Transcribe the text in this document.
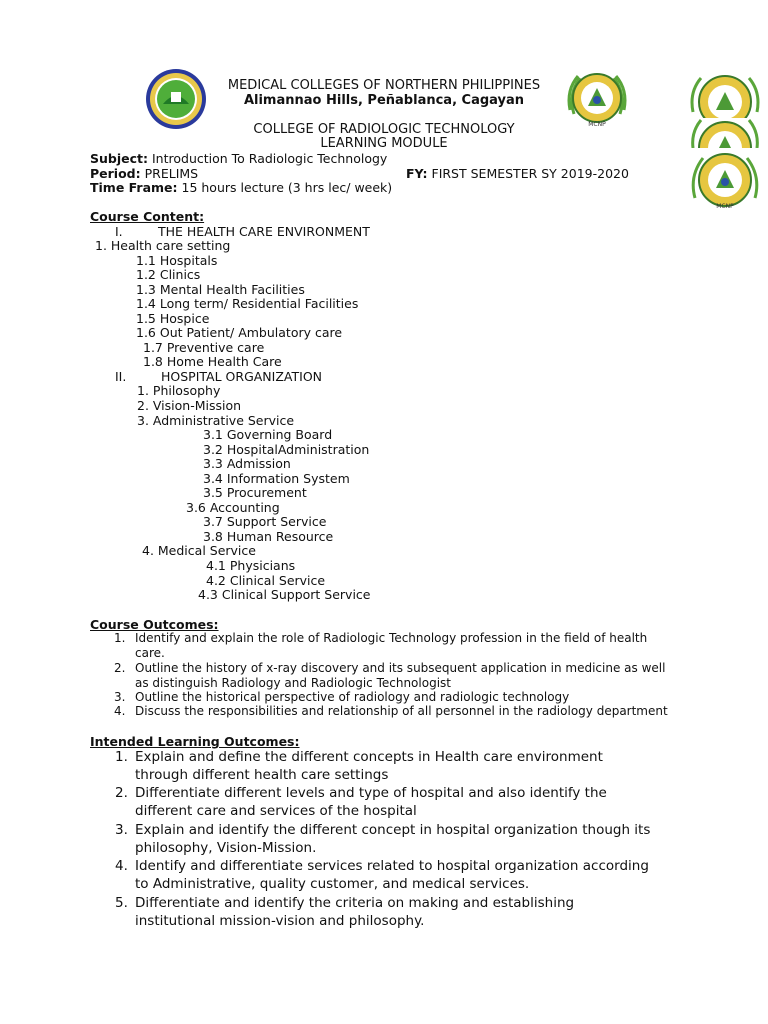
MCNP
MCNP
MEDICAL COLLEGES OF NORTHERN PHILIPPINES
Alimannao Hills, Peñablanca, Cagayan
COLLEGE OF RADIOLOGIC TECHNOLOGY
LEARNING MODULE
Subject: Introduction To Radiologic Technology
Period: PRELIMS	FY: FIRST SEMESTER SY 2019-2020
Time Frame: 15 hours lecture (3 hrs lec/ week)
Course Content:
I.	THE HEALTH CARE ENVIRONMENT
1. Health care setting
1.1 Hospitals
1.2 Clinics
1.3 Mental Health Facilities
1.4 Long term/ Residential Facilities
1.5 Hospice
1.6 Out Patient/ Ambulatory care
1.7 Preventive care
1.8 Home Health Care
II.	HOSPITAL ORGANIZATION
1. Philosophy
2. Vision-Mission
3. Administrative Service
3.1 Governing Board
3.2 HospitalAdministration
3.3 Admission
3.4 Information System
3.5 Procurement
3.6 Accounting
3.7 Support Service
3.8 Human Resource
4. Medical Service
4.1 Physicians
4.2 Clinical Service
4.3 Clinical Support Service
Course Outcomes:
1. Identify and explain the role of Radiologic Technology profession in the field of health care.
2. Outline the history of x-ray discovery and its subsequent application in medicine as well as distinguish Radiology and Radiologic Technologist
3. Outline the historical perspective of radiology and radiologic technology
4. Discuss the responsibilities and relationship of all personnel in the radiology department
Intended Learning Outcomes:
1. Explain and define the different concepts in Health care environment through different health care settings
2. Differentiate different levels and type of hospital and also identify the different care and services of the hospital
3. Explain and identify the different concept in hospital organization though its philosophy, Vision-Mission.
4. Identify and differentiate services related to hospital organization according to Administrative, quality customer, and medical services.
5. Differentiate and identify the criteria on making and establishing institutional mission-vision and philosophy.
